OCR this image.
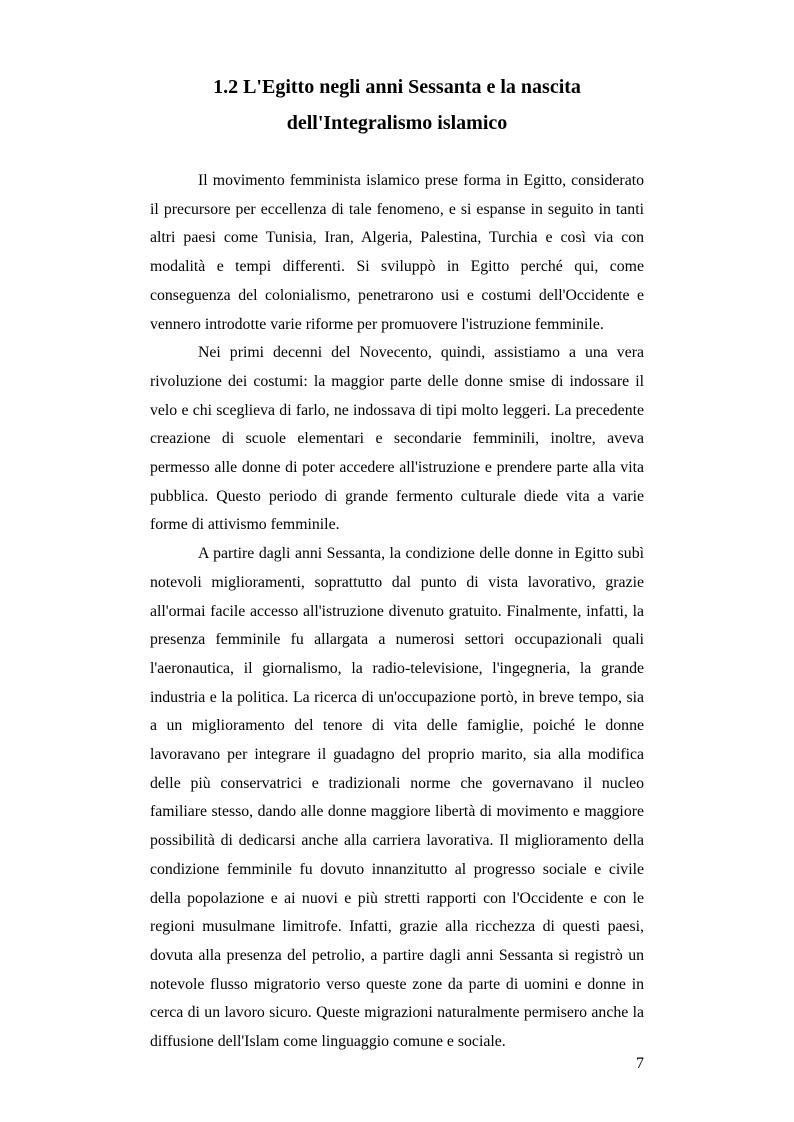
1.2 L'Egitto negli anni Sessanta e la nascita
dell'Integralismo islamico

Il movimento femminista islamico prese forma in Egitto, considerato il precursore per eccellenza di tale fenomeno, e si espanse in seguito in tanti altri paesi come Tunisia, Iran, Algeria, Palestina, Turchia e così via con modalità e tempi differenti. Si sviluppò in Egitto perché qui, come conseguenza del colonialismo, penetrarono usi e costumi dell'Occidente e vennero introdotte varie riforme per promuovere l'istruzione femminile.

Nei primi decenni del Novecento, quindi, assistiamo a una vera rivoluzione dei costumi: la maggior parte delle donne smise di indossare il velo e chi sceglieva di farlo, ne indossava di tipi molto leggeri. La precedente creazione di scuole elementari e secondarie femminili, inoltre, aveva permesso alle donne di poter accedere all'istruzione e prendere parte alla vita pubblica. Questo periodo di grande fermento culturale diede vita a varie forme di attivismo femminile.

A partire dagli anni Sessanta, la condizione delle donne in Egitto subì notevoli miglioramenti, soprattutto dal punto di vista lavorativo, grazie all'ormai facile accesso all'istruzione divenuto gratuito. Finalmente, infatti, la presenza femminile fu allargata a numerosi settori occupazionali quali l'aeronautica, il giornalismo, la radio-televisione, l'ingegneria, la grande industria e la politica. La ricerca di un'occupazione portò, in breve tempo, sia a un miglioramento del tenore di vita delle famiglie, poiché le donne lavoravano per integrare il guadagno del proprio marito, sia alla modifica delle più conservatrici e tradizionali norme che governavano il nucleo familiare stesso, dando alle donne maggiore libertà di movimento e maggiore possibilità di dedicarsi anche alla carriera lavorativa. Il miglioramento della condizione femminile fu dovuto innanzitutto al progresso sociale e civile della popolazione e ai nuovi e più stretti rapporti con l'Occidente e con le regioni musulmane limitrofe. Infatti, grazie alla ricchezza di questi paesi, dovuta alla presenza del petrolio, a partire dagli anni Sessanta si registrò un notevole flusso migratorio verso queste zone da parte di uomini e donne in cerca di un lavoro sicuro. Queste migrazioni naturalmente permisero anche la diffusione dell'Islam come linguaggio comune e sociale.

7
